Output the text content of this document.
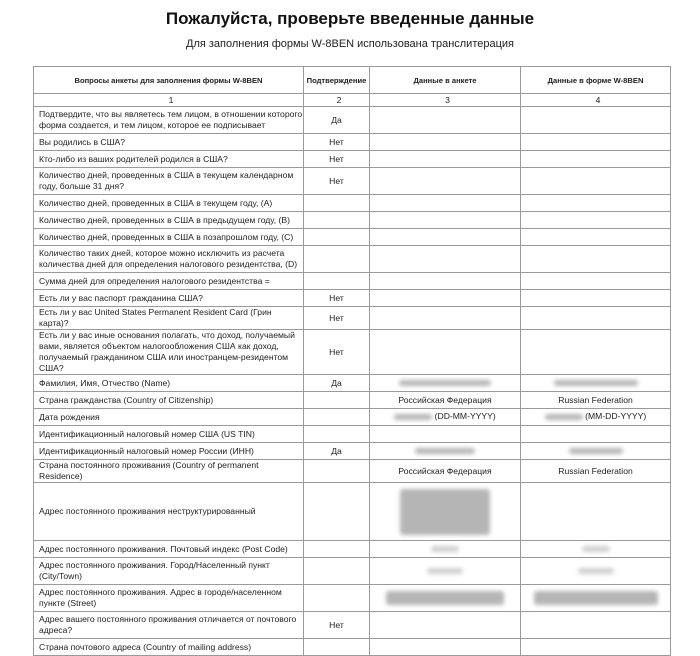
Пожалуйста, проверьте введенные данные
Для заполнения формы W-8BEN использована транслитерация
Вопросы анкеты для заполнения формы W-8BEN	Подтверждение	Данные в анкете	Данные в форме W-8BEN
1	2	3	4
Подтвердите, что вы являетесь тем лицом, в отношении которого форма создается, и тем лицом, которое ее подписывает	Да		
Вы родились в США?	Нет		
Кто-либо из ваших родителей родился в США?	Нет		
Количество дней, проведенных в США в текущем календарном году, больше 31 дня?	Нет		
Количество дней, проведенных в США в текущем году, (A)			
Количество дней, проведенных в США в предыдущем году, (B)			
Количество дней, проведенных в США в позапрошлом году, (C)			
Количество таких дней, которое можно исключить из расчета количества дней для определения налогового резидентства, (D)			
Сумма дней для определения налогового резидентства =			
Есть ли у вас паспорт гражданина США?	Нет		
Есть ли у вас United States Permanent Resident Card (Грин карта)?	Нет		
Есть ли у вас иные основания полагать, что доход, получаемый вами, является объектом налогообложения США как доход, получаемый гражданином США или иностранцем-резидентом США?	Нет		
Фамилия, Имя, Отчество (Name)	Да		
Страна гражданства (Country of Citizenship)		Российская Федерация	Russian Federation
Дата рождения		(DD-MM-YYYY)	(MM-DD-YYYY)
Идентификационный налоговый номер США (US TIN)			
Идентификационный налоговый номер России (ИНН)	Да		
Страна постоянного проживания (Country of permanent Residence)		Российская Федерация	Russian Federation
Адрес постоянного проживания неструктурированный			
Адрес постоянного проживания. Почтовый индекс (Post Code)			
Адрес постоянного проживания. Город/Населенный пункт (City/Town)			
Адрес постоянного проживания. Адрес в городе/населенном пункте (Street)			
Адрес вашего постоянного проживания отличается от почтового адреса?	Нет		
Страна почтового адреса (Country of mailing address)			
